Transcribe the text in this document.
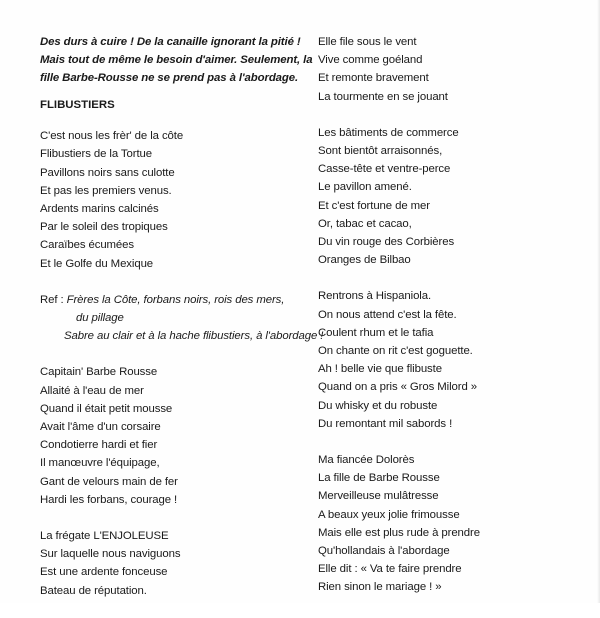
Des durs à cuire ! De la canaille ignorant la pitié !
Mais tout de même le besoin d'aimer. Seulement, la
fille Barbe-Rousse ne se prend pas à l'abordage.
FLIBUSTIERS
C'est nous les frèr' de la côte
Flibustiers de la Tortue
Pavillons noirs sans culotte
Et pas les premiers venus.
Ardents marins calcinés
Par le soleil des tropiques
Caraïbes écumées
Et le Golfe du Mexique
Ref : Frères la Côte, forbans noirs, rois des mers,
du pillage
Sabre au clair et à la hache flibustiers, à l'abordage !
Capitain' Barbe Rousse
Allaité à l'eau de mer
Quand il était petit mousse
Avait l'âme d'un corsaire
Condotierre hardi et fier
Il manœuvre l'équipage,
Gant de velours main de fer
Hardi les forbans, courage !
La frégate L'ENJOLEUSE
Sur laquelle nous naviguons
Est une ardente fonceuse
Bateau de réputation.
Elle file sous le vent
Vive comme goéland
Et remonte bravement
La tourmente en se jouant
Les bâtiments de commerce
Sont bientôt arraisonnés,
Casse-tête et ventre-perce
Le pavillon amené.
Et c'est fortune de mer
Or, tabac et cacao,
Du vin rouge des Corbières
Oranges de Bilbao
Rentrons à Hispaniola.
On nous attend c'est la fête.
Coulent rhum et le tafia
On chante on rit c'est goguette.
Ah ! belle vie que flibuste
Quand on a pris « Gros Milord »
Du whisky et du robuste
Du remontant mil sabords !
Ma fiancée Dolorès
La fille de Barbe Rousse
Merveilleuse mulâtresse
A beaux yeux jolie frimousse
Mais elle est plus rude à prendre
Qu'hollandais à l'abordage
Elle dit : « Va te faire prendre
Rien sinon le mariage ! »
